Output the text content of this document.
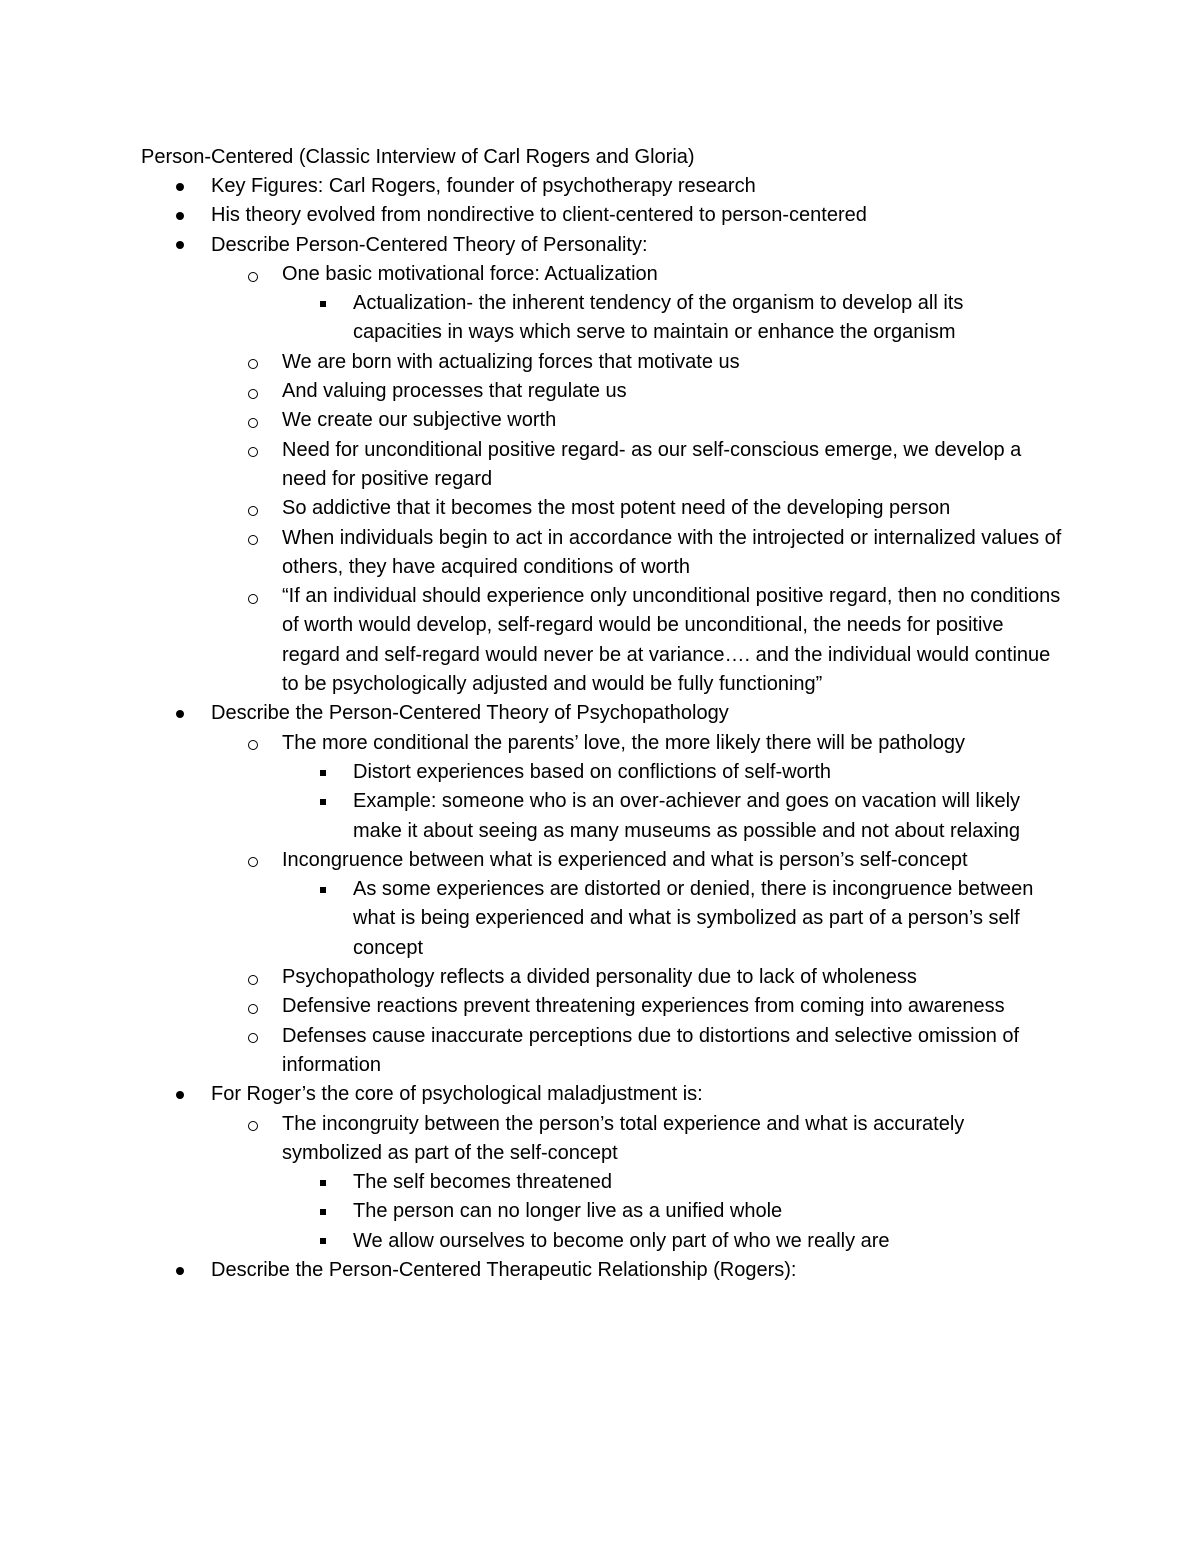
Person-Centered (Classic Interview of Carl Rogers and Gloria)
Key Figures: Carl Rogers, founder of psychotherapy research
His theory evolved from nondirective to client-centered to person-centered
Describe Person-Centered Theory of Personality:
One basic motivational force: Actualization
Actualization- the inherent tendency of the organism to develop all its capacities in ways which serve to maintain or enhance the organism
We are born with actualizing forces that motivate us
And valuing processes that regulate us
We create our subjective worth
Need for unconditional positive regard- as our self-conscious emerge, we develop a need for positive regard
So addictive that it becomes the most potent need of the developing person
When individuals begin to act in accordance with the introjected or internalized values of others, they have acquired conditions of worth
“If an individual should experience only unconditional positive regard, then no conditions of worth would develop, self-regard would be unconditional, the needs for positive regard and self-regard would never be at variance…. and the individual would continue to be psychologically adjusted and would be fully functioning”
Describe the Person-Centered Theory of Psychopathology
The more conditional the parents’ love, the more likely there will be pathology
Distort experiences based on conflictions of self-worth
Example: someone who is an over-achiever and goes on vacation will likely make it about seeing as many museums as possible and not about relaxing
Incongruence between what is experienced and what is person’s self-concept
As some experiences are distorted or denied, there is incongruence between what is being experienced and what is symbolized as part of a person’s self concept
Psychopathology reflects a divided personality due to lack of wholeness
Defensive reactions prevent threatening experiences from coming into awareness
Defenses cause inaccurate perceptions due to distortions and selective omission of information
For Roger’s the core of psychological maladjustment is:
The incongruity between the person’s total experience and what is accurately symbolized as part of the self-concept
The self becomes threatened
The person can no longer live as a unified whole
We allow ourselves to become only part of who we really are
Describe the Person-Centered Therapeutic Relationship (Rogers):
